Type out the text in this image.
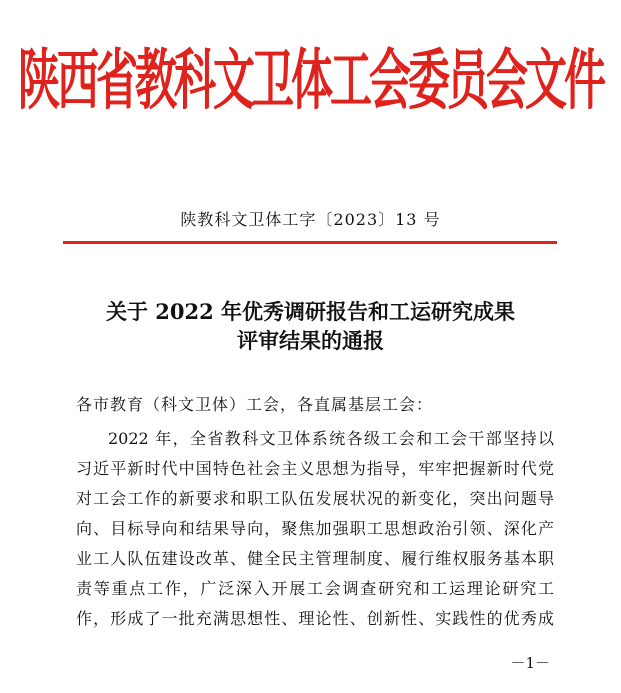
陕西省教科文卫体工会委员会文件
陕教科文卫体工字〔2023〕13 号
关于 2022 年优秀调研报告和工运研究成果
评审结果的通报
各市教育（科文卫体）工会，各直属基层工会：
2022 年，全省教科文卫体系统各级工会和工会干部坚持以
习近平新时代中国特色社会主义思想为指导，牢牢把握新时代党
对工会工作的新要求和职工队伍发展状况的新变化，突出问题导
向、目标导向和结果导向，聚焦加强职工思想政治引领、深化产
业工人队伍建设改革、健全民主管理制度、履行维权服务基本职
责等重点工作，广泛深入开展工会调查研究和工运理论研究工
作，形成了一批充满思想性、理论性、创新性、实践性的优秀成
－1－
